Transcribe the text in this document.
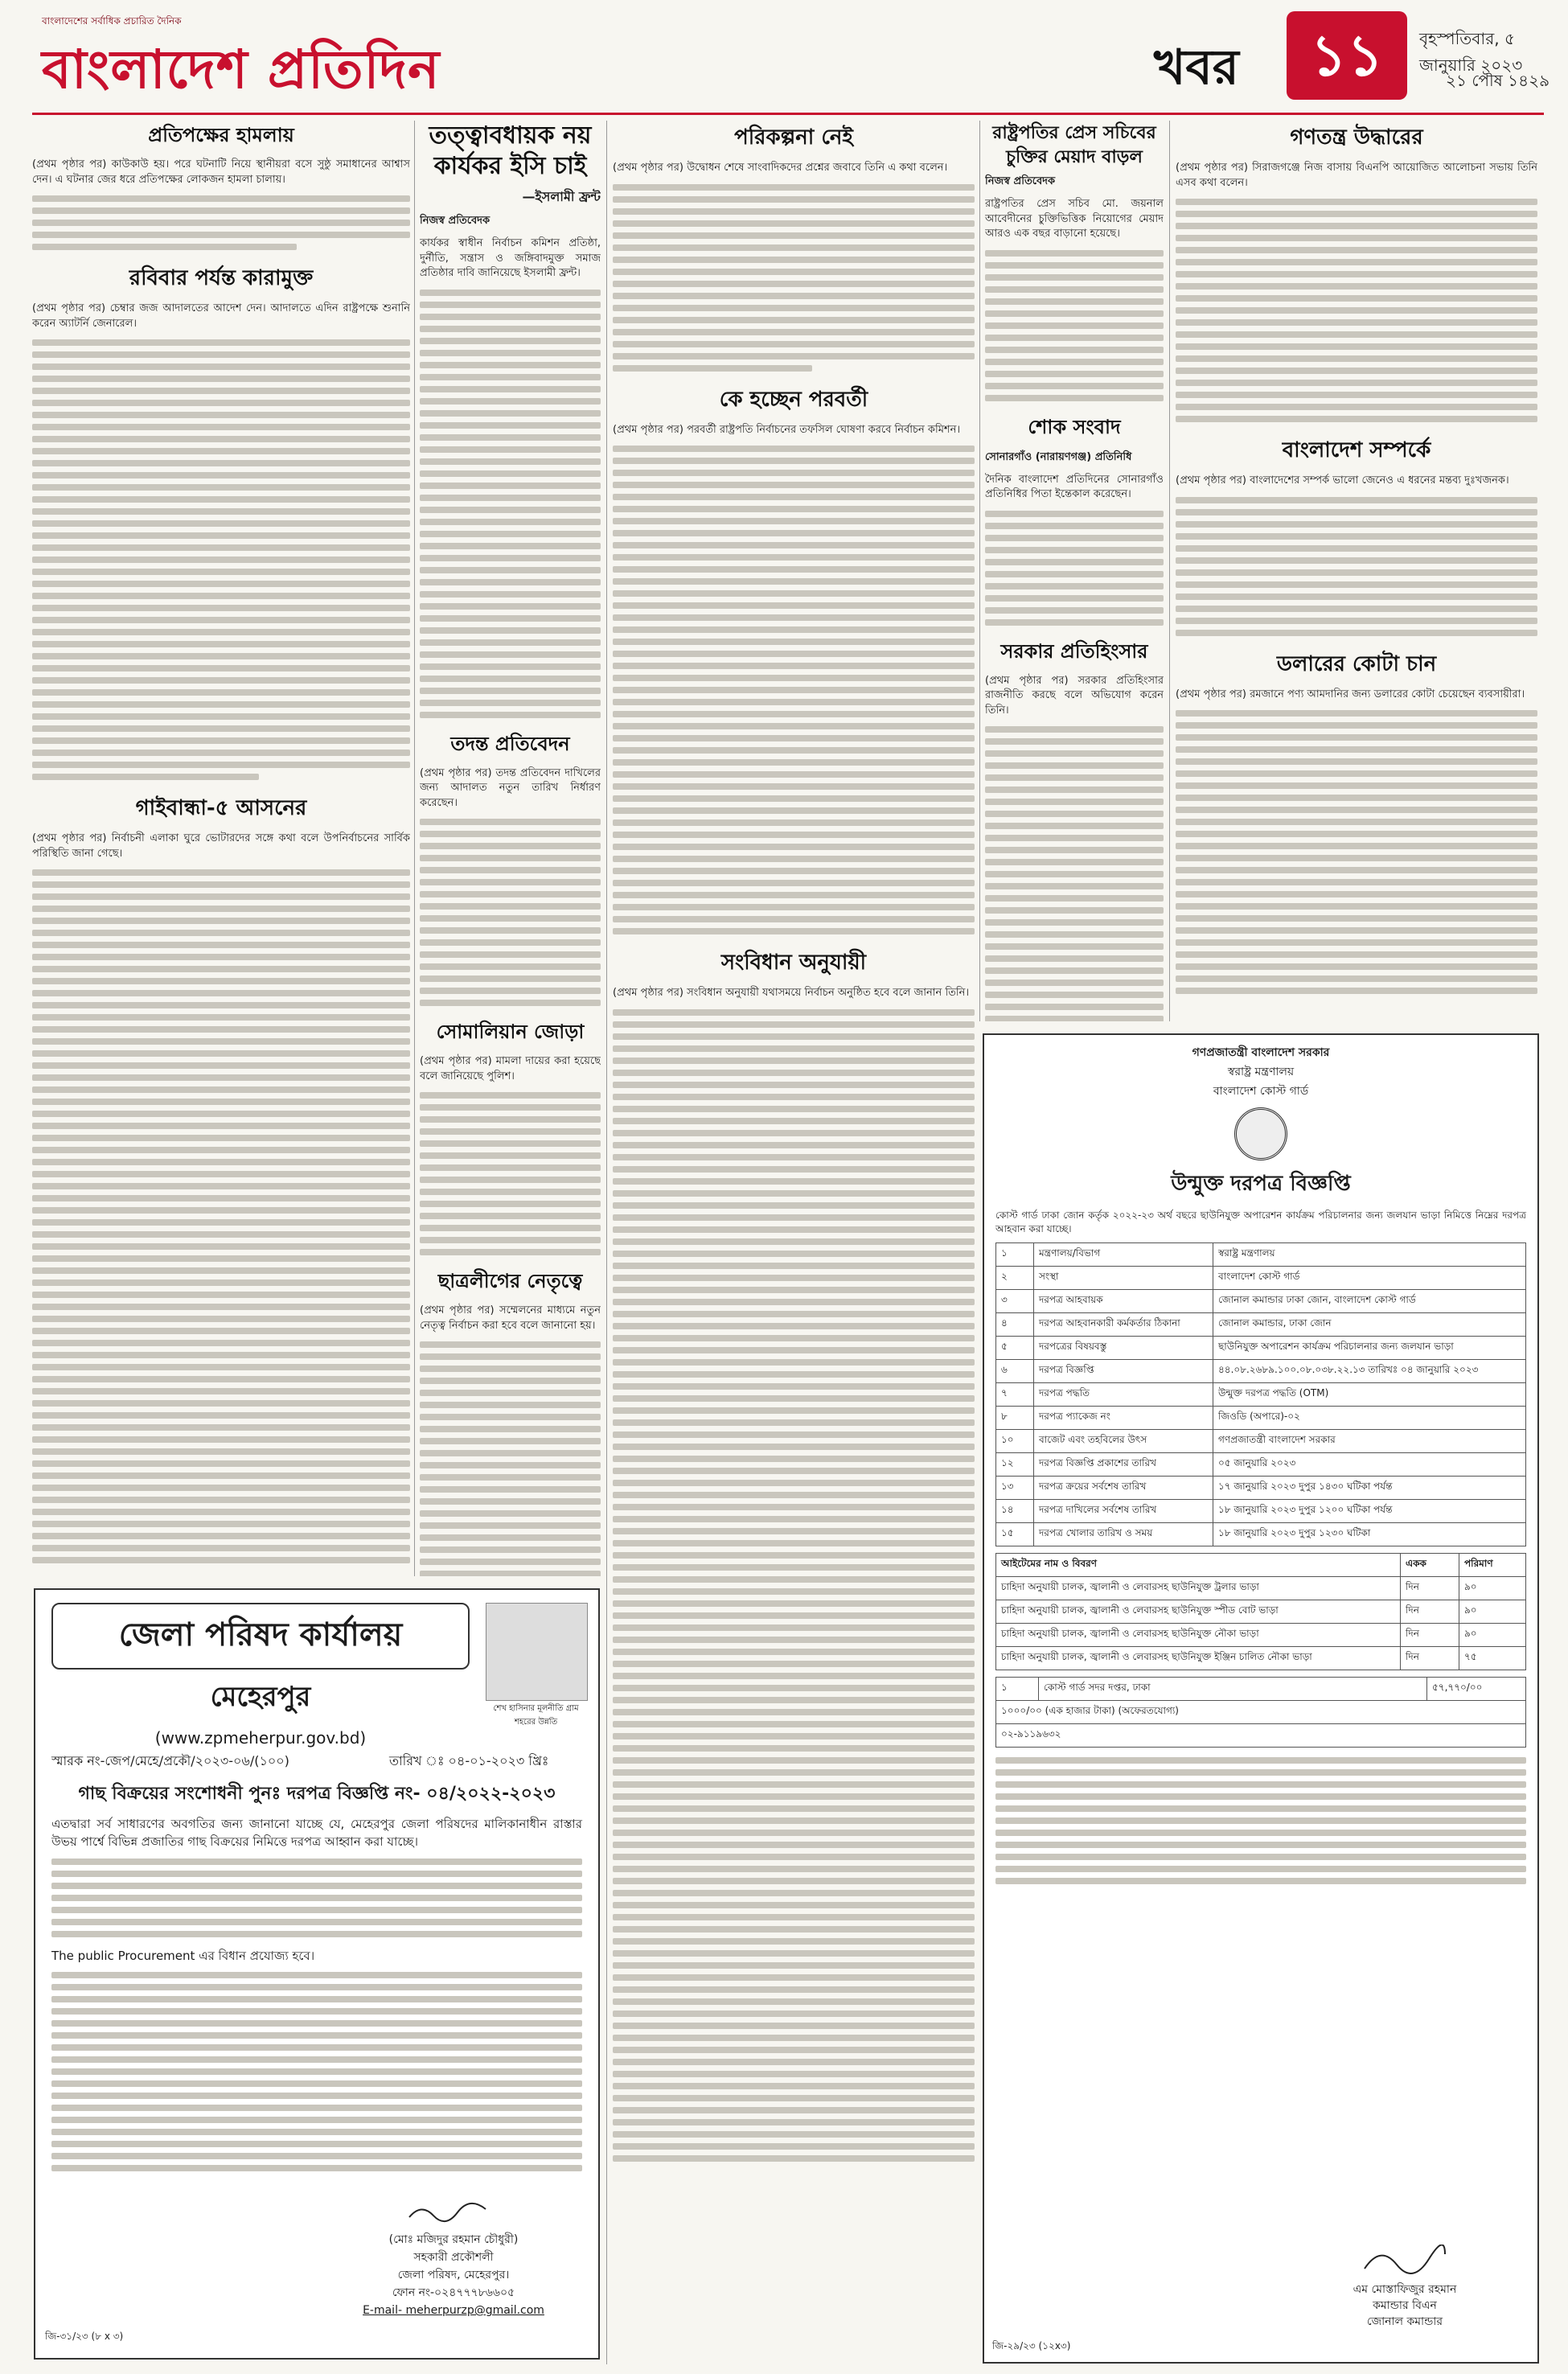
বাংলাদেশের সর্বাধিক প্রচারিত দৈনিক
বাংলাদেশ প্রতিদিন	খবর	১১	বৃহস্পতিবার, ৫ জানুয়ারি ২০২৩
২১ পৌষ ১৪২৯
প্রতিপক্ষের হামলায়

(প্রথম পৃষ্ঠার পর) কাউকাউ হয়। পরে ঘটনাটি নিয়ে স্থানীয়রা বসে সুষ্ঠু সমাধানের আশ্বাস দেন। এ ঘটনার জের ধরে প্রতিপক্ষের লোকজন হামলা চালায়।

রবিবার পর্যন্ত কারামুক্ত

(প্রথম পৃষ্ঠার পর) চেম্বার জজ আদালতের আদেশ দেন। আদালতে এদিন রাষ্ট্রপক্ষে শুনানি করেন অ্যাটর্নি জেনারেল।

গাইবান্ধা-৫ আসনের

(প্রথম পৃষ্ঠার পর) নির্বাচনী এলাকা ঘুরে ভোটারদের সঙ্গে কথা বলে উপনির্বাচনের সার্বিক পরিস্থিতি জানা গেছে।

তত্ত্বাবধায়ক নয় কার্যকর ইসি চাই
—ইসলামী ফ্রন্ট
নিজস্ব প্রতিবেদক

কার্যকর স্বাধীন নির্বাচন কমিশন প্রতিষ্ঠা, দুর্নীতি, সন্ত্রাস ও জঙ্গিবাদমুক্ত সমাজ প্রতিষ্ঠার দাবি জানিয়েছে ইসলামী ফ্রন্ট।

তদন্ত প্রতিবেদন

(প্রথম পৃষ্ঠার পর) তদন্ত প্রতিবেদন দাখিলের জন্য আদালত নতুন তারিখ নির্ধারণ করেছেন।

সোমালিয়ান জোড়া

(প্রথম পৃষ্ঠার পর) মামলা দায়ের করা হয়েছে বলে জানিয়েছে পুলিশ।

ছাত্রলীগের নেতৃত্বে

(প্রথম পৃষ্ঠার পর) সম্মেলনের মাধ্যমে নতুন নেতৃত্ব নির্বাচন করা হবে বলে জানানো হয়।

পরিকল্পনা নেই

(প্রথম পৃষ্ঠার পর) উদ্বোধন শেষে সাংবাদিকদের প্রশ্নের জবাবে তিনি এ কথা বলেন।

কে হচ্ছেন পরবর্তী

(প্রথম পৃষ্ঠার পর) পরবর্তী রাষ্ট্রপতি নির্বাচনের তফসিল ঘোষণা করবে নির্বাচন কমিশন।

সংবিধান অনুযায়ী

(প্রথম পৃষ্ঠার পর) সংবিধান অনুযায়ী যথাসময়ে নির্বাচন অনুষ্ঠিত হবে বলে জানান তিনি।

রাষ্ট্রপতির প্রেস সচিবের চুক্তির মেয়াদ বাড়ল
নিজস্ব প্রতিবেদক

রাষ্ট্রপতির প্রেস সচিব মো. জয়নাল আবেদীনের চুক্তিভিত্তিক নিয়োগের মেয়াদ আরও এক বছর বাড়ানো হয়েছে।

শোক সংবাদ
সোনারগাঁও (নারায়ণগঞ্জ) প্রতিনিধি

দৈনিক বাংলাদেশ প্রতিদিনের সোনারগাঁও প্রতিনিধির পিতা ইন্তেকাল করেছেন।

সরকার প্রতিহিংসার

(প্রথম পৃষ্ঠার পর) সরকার প্রতিহিংসার রাজনীতি করছে বলে অভিযোগ করেন তিনি।

গণতন্ত্র উদ্ধারের

(প্রথম পৃষ্ঠার পর) সিরাজগঞ্জে নিজ বাসায় বিএনপি আয়োজিত আলোচনা সভায় তিনি এসব কথা বলেন।

বাংলাদেশ সম্পর্কে

(প্রথম পৃষ্ঠার পর) বাংলাদেশের সম্পর্ক ভালো জেনেও এ ধরনের মন্তব্য দুঃখজনক।

ডলারের কোটা চান

(প্রথম পৃষ্ঠার পর) রমজানে পণ্য আমদানির জন্য ডলারের কোটা চেয়েছেন ব্যবসায়ীরা।

জেলা পরিষদ কার্যালয়
মেহেরপুর
(www.zpmeherpur.gov.bd)
শেখ হাসিনার মূলনীতি গ্রাম শহরের উন্নতি
স্মারক নং-জেপ/মেহে/প্রকৌ/২০২৩-০৬/(১০০)	তারিখ ঃ ০৪-০১-২০২৩ খ্রিঃ
গাছ বিক্রয়ের সংশোধনী পুনঃ দরপত্র বিজ্ঞপ্তি নং- ০৪/২০২২-২০২৩

এতদ্বারা সর্ব সাধারণের অবগতির জন্য জানানো যাচ্ছে যে, মেহেরপুর জেলা পরিষদের মালিকানাধীন রাস্তার উভয় পার্শ্বে বিভিন্ন প্রজাতির গাছ বিক্রয়ের নিমিত্তে দরপত্র আহ্বান করা যাচ্ছে।

The public Procurement এর বিধান প্রযোজ্য হবে।

(মোঃ মজিদুর রহমান চৌধুরী)
সহকারী প্রকৌশলী
জেলা পরিষদ, মেহেরপুর।
ফোন নং-০২৪৭৭৭৮৬৬০৫
E-mail- meherpurzp@gmail.com
জি-৩১/২৩ (৮ x ৩)
গণপ্রজাতন্ত্রী বাংলাদেশ সরকার
স্বরাষ্ট্র মন্ত্রণালয়
বাংলাদেশ কোস্ট গার্ড
উন্মুক্ত দরপত্র বিজ্ঞপ্তি
কোস্ট গার্ড ঢাকা জোন কর্তৃক ২০২২-২৩ অর্থ বছরে ছাউনিযুক্ত অপারেশন কার্যক্রম পরিচালনার জন্য জলযান ভাড়া নিমিত্তে নিম্নের দরপত্র আহবান করা যাচ্ছে।
১	মন্ত্রণালয়/বিভাগ	স্বরাষ্ট্র মন্ত্রণালয়
২	সংস্থা	বাংলাদেশ কোস্ট গার্ড
৩	দরপত্র আহবায়ক	জোনাল কমান্ডার ঢাকা জোন, বাংলাদেশ কোস্ট গার্ড
৪	দরপত্র আহবানকারী কর্মকর্তার ঠিকানা	জোনাল কমান্ডার, ঢাকা জোন
৫	দরপত্রের বিষয়বস্তু	ছাউনিযুক্ত অপারেশন কার্যক্রম পরিচালনার জন্য জলযান ভাড়া
৬	দরপত্র বিজ্ঞপ্তি	৪৪.০৮.২৬৮৯.১০০.০৮.০৩৮.২২.১৩ তারিখঃ ০৪ জানুয়ারি ২০২৩
৭	দরপত্র পদ্ধতি	উন্মুক্ত দরপত্র পদ্ধতি (OTM)
৮	দরপত্র প্যাকেজ নং	জিওডি (অপারে)-০২
১০	বাজেট এবং তহবিলের উৎস	গণপ্রজাতন্ত্রী বাংলাদেশ সরকার
১২	দরপত্র বিজ্ঞপ্তি প্রকাশের তারিখ	০৫ জানুয়ারি ২০২৩
১৩	দরপত্র ক্রয়ের সর্বশেষ তারিখ	১৭ জানুয়ারি ২০২৩ দুপুর ১৪৩০ ঘটিকা পর্যন্ত
১৪	দরপত্র দাখিলের সর্বশেষ তারিখ	১৮ জানুয়ারি ২০২৩ দুপুর ১২০০ ঘটিকা পর্যন্ত
১৫	দরপত্র খোলার তারিখ ও সময়	১৮ জানুয়ারি ২০২৩ দুপুর ১২৩০ ঘটিকা
আইটেমের নাম ও বিবরণ	একক	পরিমাণ
চাহিদা অনুযায়ী চালক, জ্বালানী ও লেবারসহ ছাউনিযুক্ত ট্রলার ভাড়া	দিন	৯০
চাহিদা অনুযায়ী চালক, জ্বালানী ও লেবারসহ ছাউনিযুক্ত স্পীড বোট ভাড়া	দিন	৯০
চাহিদা অনুযায়ী চালক, জ্বালানী ও লেবারসহ ছাউনিযুক্ত নৌকা ভাড়া	দিন	৯০
চাহিদা অনুযায়ী চালক, জ্বালানী ও লেবারসহ ছাউনিযুক্ত ইঞ্জিন চালিত নৌকা ভাড়া	দিন	৭৫
১	কোস্ট গার্ড সদর দপ্তর, ঢাকা	৫৭,৭৭০/০০
১০০০/০০ (এক হাজার টাকা) (অফেরতযোগ্য)
০২-৯১১৯৬৩২
এম মোস্তাফিজুর রহমান
কমান্ডার বিএন
জোনাল কমান্ডার
জি-২৯/২৩ (১২x৩)
